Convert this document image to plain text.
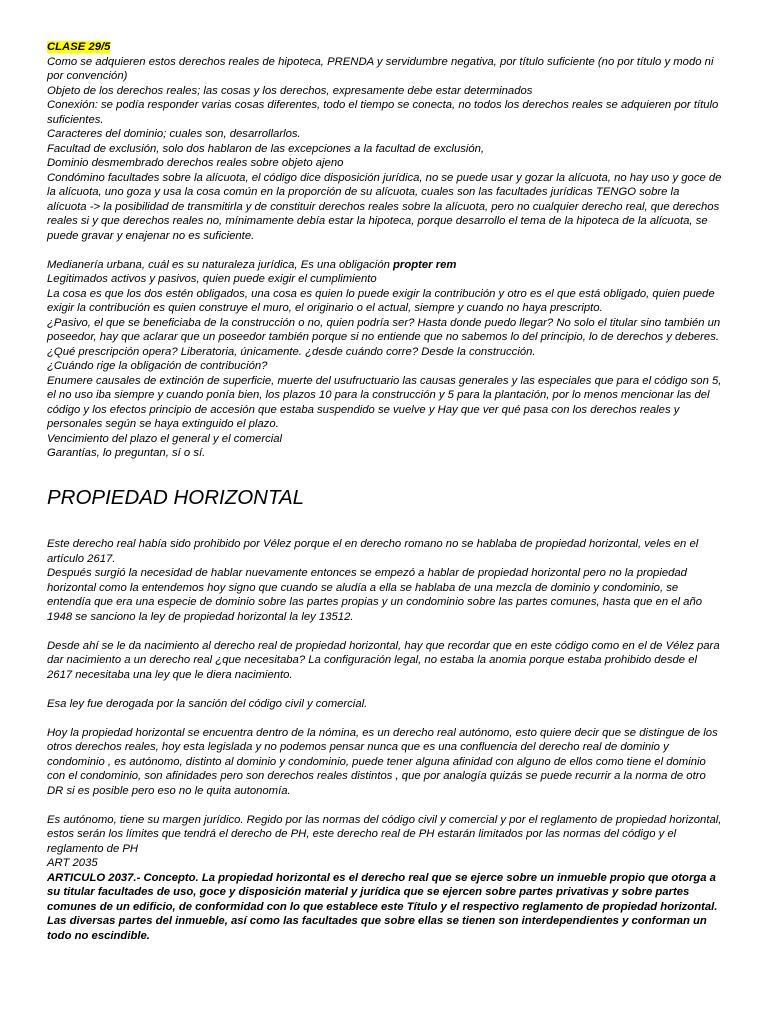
CLASE 29/5

Como se adquieren estos derechos reales de hipoteca, PRENDA y servidumbre negativa, por título suficiente (no por título y modo ni por convención)

Objeto de los derechos reales; las cosas y los derechos, expresamente debe estar determinados

Conexión: se podía responder varias cosas diferentes, todo el tiempo se conecta, no todos los derechos reales se adquieren por título suficientes.

Caracteres del dominio; cuales son, desarrollarlos.

Facultad de exclusión, solo dos hablaron de las excepciones a la facultad de exclusión,

Dominio desmembrado derechos reales sobre objeto ajeno

Condómino facultades sobre la alícuota, el código dice disposición jurídica, no se puede usar y gozar la alícuota, no hay uso y goce de la alícuota, uno goza y usa la cosa común en la proporción de su alícuota, cuales son las facultades jurídicas TENGO sobre la alícuota -> la posibilidad de transmitirla y de constituir derechos reales sobre la alícuota, pero no cualquier derecho real, que derechos reales si y que derechos reales no, mínimamente debía estar la hipoteca, porque desarrollo el tema de la hipoteca de la alícuota, se puede gravar y enajenar no es suficiente.

Medianería urbana, cuál es su naturaleza jurídica, Es una obligación propter rem

Legitimados activos y pasivos, quien puede exigir el cumplimiento

La cosa es que los dos estén obligados, una cosa es quien lo puede exigir la contribución y otro es el que está obligado, quien puede exigir la contribución es quien construye el muro, el originario o el actual, siempre y cuando no haya prescripto.

¿Pasivo, el que se beneficiaba de la construcción o no, quien podría ser? Hasta donde puedo llegar? No solo el titular sino también un poseedor, hay que aclarar que un poseedor también porque si no entiende que no sabemos lo del principio, lo de derechos y deberes.

¿Qué prescripción opera? Liberatoria, únicamente. ¿desde cuándo corre? Desde la construcción.

¿Cuándo rige la obligación de contribución?

Enumere causales de extinción de superficie, muerte del usufructuario las causas generales y las especiales que para el código son 5, el no uso iba siempre y cuando ponía bien, los plazos 10 para la construcción y 5 para la plantación, por lo menos mencionar las del código y los efectos principio de accesión que estaba suspendido se vuelve y Hay que ver qué pasa con los derechos reales y personales según se haya extinguido el plazo.

Vencimiento del plazo el general y el comercial

Garantías, lo preguntan, sí o sí.

PROPIEDAD HORIZONTAL

Este derecho real había sido prohibido por Vélez porque el en derecho romano no se hablaba de propiedad horizontal, veles en el artículo 2617.

Después surgió la necesidad de hablar nuevamente entonces se empezó a hablar de propiedad horizontal pero no la propiedad horizontal como la entendemos hoy signo que cuando se aludía a ella se hablaba de una mezcla de dominio y condominio, se entendía que era una especie de dominio sobre las partes propias y un condominio sobre las partes comunes, hasta que en el año 1948 se sanciono la ley de propiedad horizontal la ley 13512.

Desde ahí se le da nacimiento al derecho real de propiedad horizontal, hay que recordar que en este código como en el de Vélez para dar nacimiento a un derecho real ¿que necesitaba? La configuración legal, no estaba la anomia porque estaba prohibido desde el 2617 necesitaba una ley que le diera nacimiento.

Esa ley fue derogada por la sanción del código civil y comercial.

Hoy la propiedad horizontal se encuentra dentro de la nómina, es un derecho real autónomo, esto quiere decir que se distingue de los otros derechos reales, hoy esta legislada y no podemos pensar nunca que es una confluencia del derecho real de dominio y condominio , es autónomo, distinto al dominio y condominio, puede tener alguna afinidad con alguno de ellos como tiene el dominio con el condominio, son afinidades pero son derechos reales distintos , que por analogía quizás se puede recurrir a la norma de otro DR si es posible pero eso no le quita autonomía.

Es autónomo, tiene su margen jurídico. Regido por las normas del código civil y comercial y por el reglamento de propiedad horizontal, estos serán los límites que tendrá el derecho de PH, este derecho real de PH estarán limitados por las normas del código y el reglamento de PH

ART 2035

ARTICULO 2037.- Concepto. La propiedad horizontal es el derecho real que se ejerce sobre un inmueble propio que otorga a su titular facultades de uso, goce y disposición material y jurídica que se ejercen sobre partes privativas y sobre partes comunes de un edificio, de conformidad con lo que establece este Título y el respectivo reglamento de propiedad horizontal. Las diversas partes del inmueble, así como las facultades que sobre ellas se tienen son interdependientes y conforman un todo no escindible.
